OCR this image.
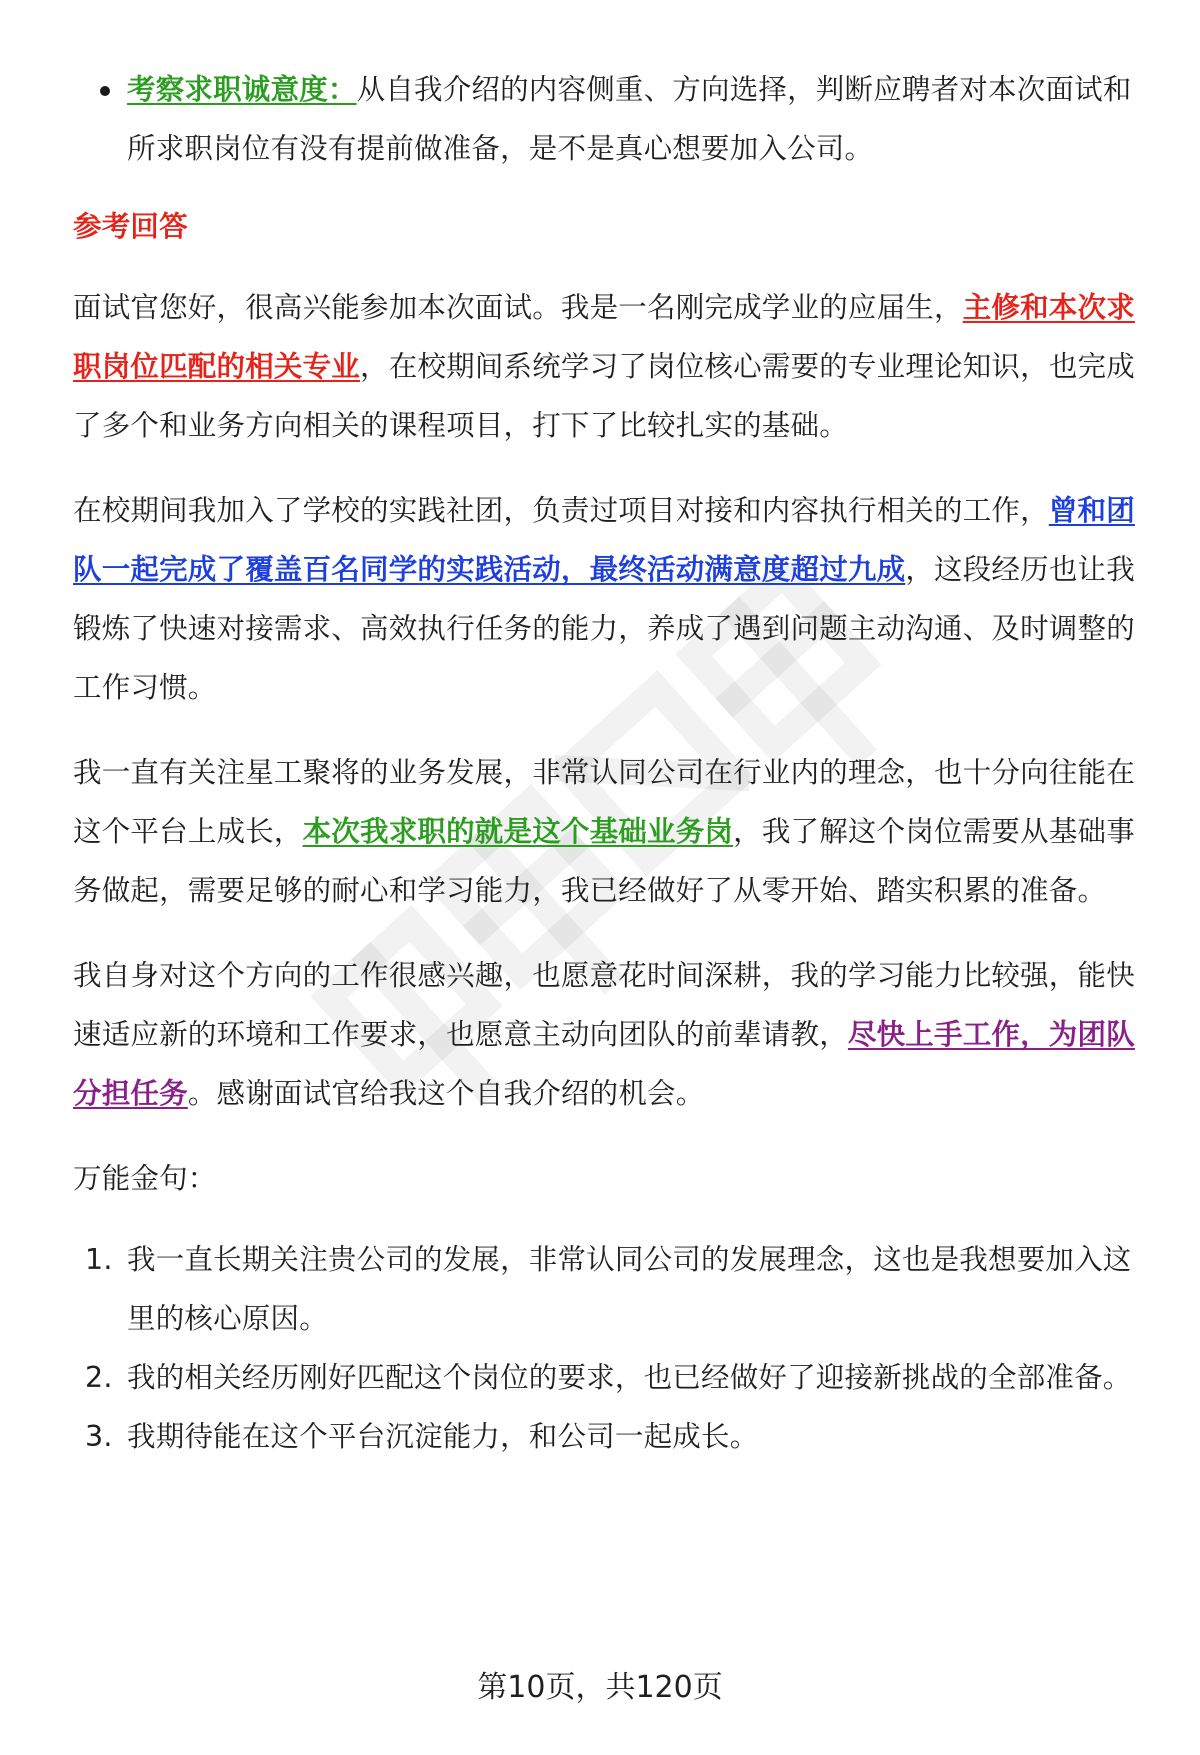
考察求职诚意度：从自我介绍的内容侧重、方向选择，判断应聘者对本次面试和所求职岗位有没有提前做准备，是不是真心想要加入公司。
参考回答
面试官您好，很高兴能参加本次面试。我是一名刚完成学业的应届生，主修和本次求职岗位匹配的相关专业，在校期间系统学习了岗位核心需要的专业理论知识，也完成了多个和业务方向相关的课程项目，打下了比较扎实的基础。
在校期间我加入了学校的实践社团，负责过项目对接和内容执行相关的工作，曾和团队一起完成了覆盖百名同学的实践活动，最终活动满意度超过九成，这段经历也让我锻炼了快速对接需求、高效执行任务的能力，养成了遇到问题主动沟通、及时调整的工作习惯。
我一直有关注星工聚将的业务发展，非常认同公司在行业内的理念，也十分向往能在这个平台上成长，本次我求职的就是这个基础业务岗，我了解这个岗位需要从基础事务做起，需要足够的耐心和学习能力，我已经做好了从零开始、踏实积累的准备。
我自身对这个方向的工作很感兴趣，也愿意花时间深耕，我的学习能力比较强，能快速适应新的环境和工作要求，也愿意主动向团队的前辈请教，尽快上手工作，为团队分担任务。感谢面试官给我这个自我介绍的机会。
万能金句：
1. 我一直长期关注贵公司的发展，非常认同公司的发展理念，这也是我想要加入这里的核心原因。
2. 我的相关经历刚好匹配这个岗位的要求，也已经做好了迎接新挑战的全部准备。
3. 我期待能在这个平台沉淀能力，和公司一起成长。
第10页，共120页
